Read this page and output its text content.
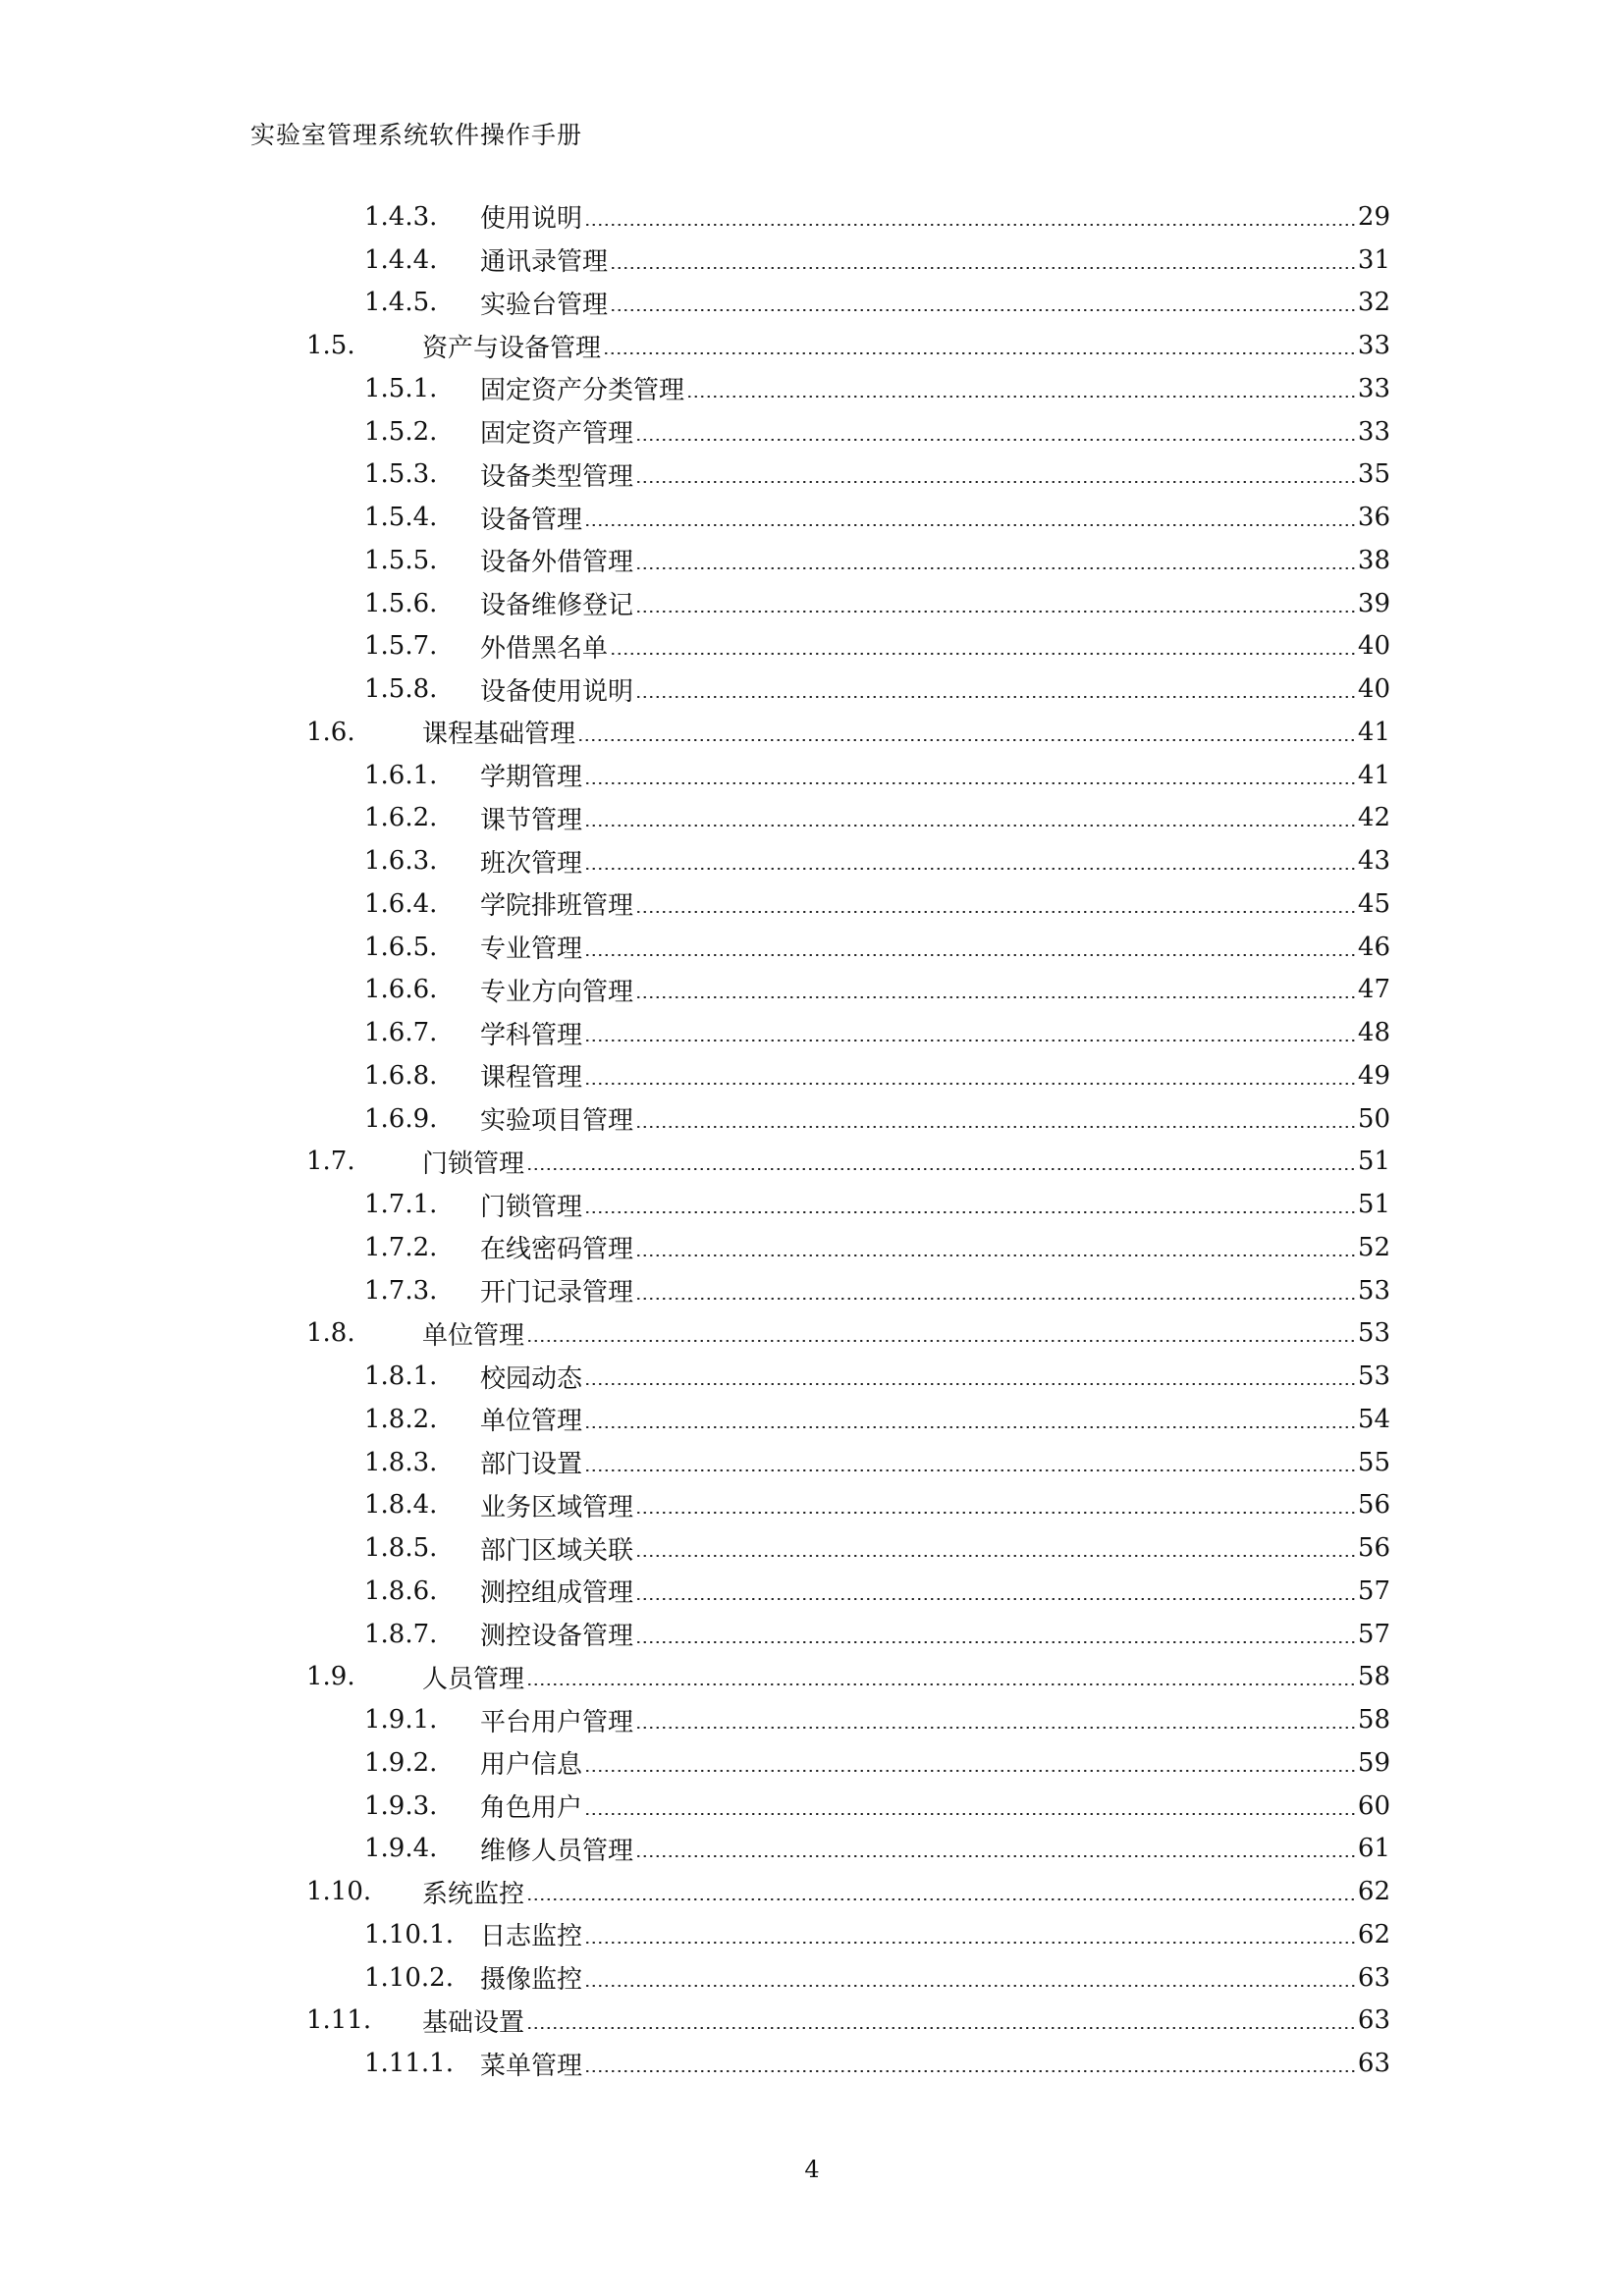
实验室管理系统软件操作手册
1.4.3. 使用说明	29
1.4.4. 通讯录管理	31
1.4.5. 实验台管理	32
1.5.	资产与设备管理	33
1.5.1. 固定资产分类管理	33
1.5.2. 固定资产管理	33
1.5.3. 设备类型管理	35
1.5.4. 设备管理	36
1.5.5. 设备外借管理	38
1.5.6. 设备维修登记	39
1.5.7. 外借黑名单	40
1.5.8. 设备使用说明	40
1.6.	课程基础管理	41
1.6.1. 学期管理	41
1.6.2. 课节管理	42
1.6.3. 班次管理	43
1.6.4. 学院排班管理	45
1.6.5. 专业管理	46
1.6.6. 专业方向管理	47
1.6.7. 学科管理	48
1.6.8. 课程管理	49
1.6.9. 实验项目管理	50
1.7.	门锁管理	51
1.7.1. 门锁管理	51
1.7.2. 在线密码管理	52
1.7.3. 开门记录管理	53
1.8.	单位管理	53
1.8.1. 校园动态	53
1.8.2. 单位管理	54
1.8.3. 部门设置	55
1.8.4. 业务区域管理	56
1.8.5. 部门区域关联	56
1.8.6. 测控组成管理	57
1.8.7. 测控设备管理	57
1.9.	人员管理	58
1.9.1. 平台用户管理	58
1.9.2. 用户信息	59
1.9.3. 角色用户	60
1.9.4. 维修人员管理	61
1.10. 系统监控	62
1.10.1. 日志监控	62
1.10.2. 摄像监控	63
1.11. 基础设置	63
1.11.1. 菜单管理	63
4
